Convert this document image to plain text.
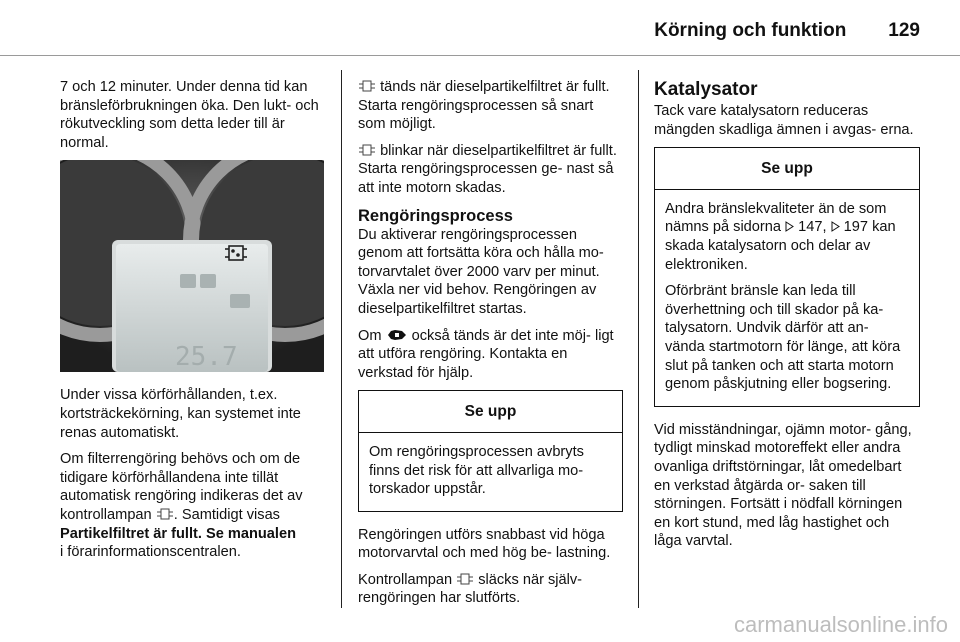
Körning och funktion 129

7 och 12 minuter. Under denna tid kan bränsleförbrukningen öka. Den lukt- och rökutveckling som detta leder till är normal.

25.7

Under vissa körförhållanden, t.ex. kortsträckekörning, kan systemet inte renas automatiskt.

Om filterrengöring behövs och om de tidigare körförhållandena inte tillät automatisk rengöring indikeras det av kontrollampan . Samtidigt visas
Partikelfiltret är fullt. Se manualen
i förarinformationscentralen.

tänds när dieselpartikelfiltret är fullt. Starta rengöringsprocessen så snart som möjligt.

blinkar när dieselpartikelfiltret är fullt. Starta rengöringsprocessen ge- nast så att inte motorn skadas.

Rengöringsprocess

Du aktiverar rengöringsprocessen genom att fortsätta köra och hålla mo- torvarvtalet över 2000 varv per minut. Växla ner vid behov. Rengöringen av dieselpartikelfiltret startas.

Om också tänds är det inte möj- ligt att utföra rengöring. Kontakta en verkstad för hjälp.

Se upp

Om rengöringsprocessen avbryts finns det risk för att allvarliga mo- torskador uppstår.

Rengöringen utförs snabbast vid höga motorvarvtal och med hög be- lastning.

Kontrollampan släcks när själv- rengöringen har slutförts.

Katalysator

Tack vare katalysatorn reduceras mängden skadliga ämnen i avgas- erna.

Se upp

Andra bränslekvaliteter än de som nämns på sidorna 147,  197 kan skada katalysatorn och delar av elektroniken.

Oförbränt bränsle kan leda till överhettning och till skador på ka- talysatorn. Undvik därför att an- vända startmotorn för länge, att köra slut på tanken och att starta motorn genom påskjutning eller bogsering.

Vid misständningar, ojämn motor- gång, tydligt minskad motoreffekt eller andra ovanliga driftstörningar, låt omedelbart en verkstad åtgärda or- saken till störningen. Fortsätt i nödfall körningen en kort stund, med låg hastighet och låga varvtal.

carmanualsonline.info
